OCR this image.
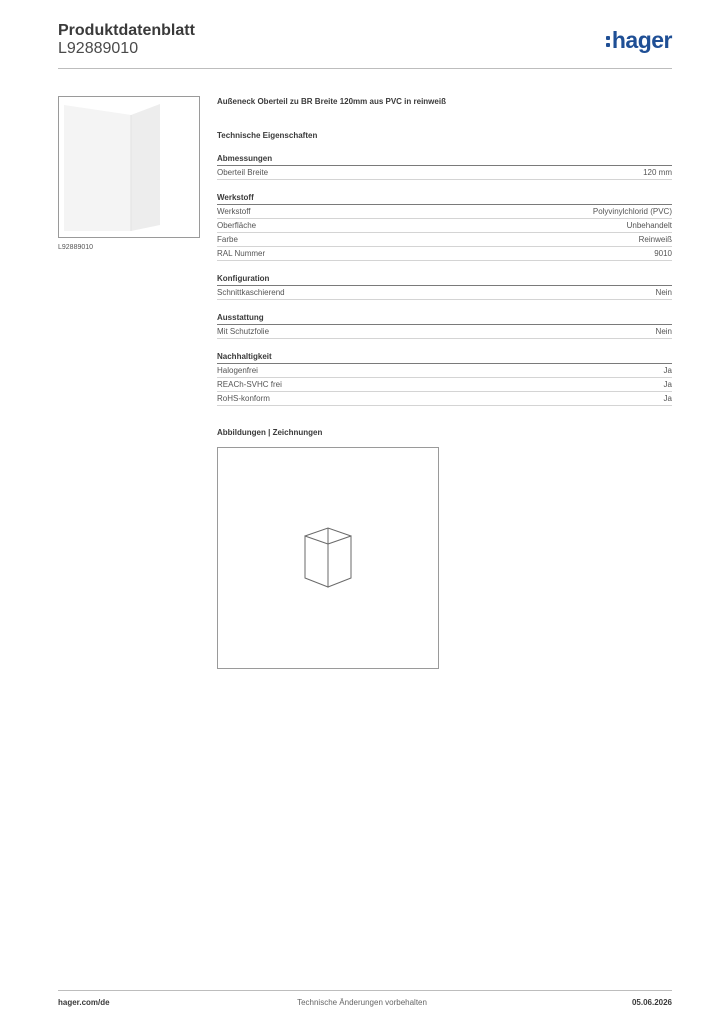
Produktdatenblatt
L92889010	hager
L92889010
Außeneck Oberteil zu BR Breite 120mm aus PVC in reinweiß
Technische Eigenschaften
Abmessungen
Oberteil Breite	120 mm
Werkstoff
Werkstoff	Polyvinylchlorid (PVC)
Oberfläche	Unbehandelt
Farbe	Reinweiß
RAL Nummer	9010
Konfiguration
Schnittkaschierend	Nein
Ausstattung
Mit Schutzfolie	Nein
Nachhaltigkeit
Halogenfrei	Ja
REACh-SVHC frei	Ja
RoHS-konform	Ja
Abbildungen | Zeichnungen
hager.com/de	Technische Änderungen vorbehalten	05.06.2026
